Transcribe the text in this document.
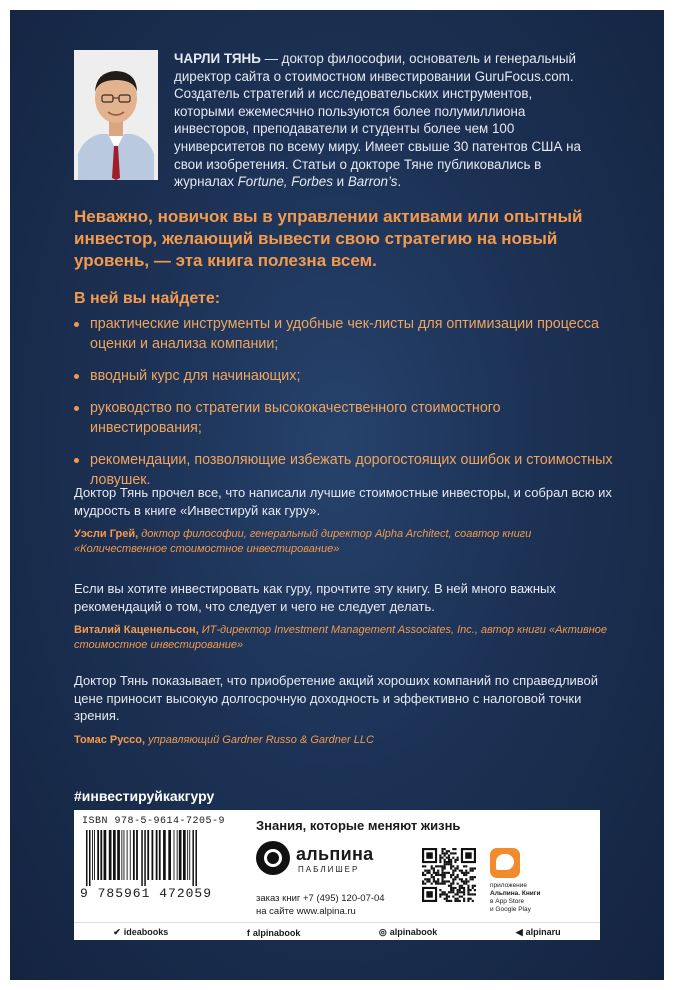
ЧАРЛИ ТЯНЬ — доктор философии, основатель и генеральный директор сайта о стоимостном инвестировании GuruFocus.com. Создатель стратегий и исследовательских инструментов, которыми ежемесячно пользуются более полумиллиона инвесторов, преподаватели и студенты более чем 100 университетов по всему миру. Имеет свыше 30 патентов США на свои изобретения. Статьи о докторе Тяне публиковались в журналах Fortune, Forbes и Barron’s.
Неважно, новичок вы в управлении активами или опытный инвестор, желающий вывести свою стратегию на новый уровень, — эта книга полезна всем.
В ней вы найдете:
практические инструменты и удобные чек-листы для оптимизации процесса оценки и анализа компании;
вводный курс для начинающих;
руководство по стратегии высококачественного стоимостного инвестирования;
рекомендации, позволяющие избежать дорогостоящих ошибок и стоимостных ловушек.
Доктор Тянь прочел все, что написали лучшие стоимостные инвесторы, и собрал всю их мудрость в книге «Инвестируй как гуру».
Уэсли Грей, доктор философии, генеральный директор Alpha Architect, соавтор книги «Количественное стоимостное инвестирование»
Если вы хотите инвестировать как гуру, прочтите эту книгу. В ней много важных рекомендаций о том, что следует и чего не следует делать.
Виталий Каценельсон, ИТ-директор Investment Management Associates, Inc., автор книги «Активное стоимостное инвестирование»
Доктор Тянь показывает, что приобретение акций хороших компаний по справедливой цене приносит высокую долгосрочную доходность и эффективно с налоговой точки зрения.
Томас Руссо, управляющий Gardner Russo & Gardner LLC
#инвестируйкакгуру
ISBN 978-5-9614-7205-9
9 785961 472059
Знания, которые меняют жизнь
альпина
ПАБЛИШЕР
заказ книг +7 (495) 120-07-04
на сайте www.alpina.ru
приложение
Альпина. Книги
в App Store
и Google Play
✔ ideabooks	f alpinabook	◎ alpinabook	◀ alpinaru
